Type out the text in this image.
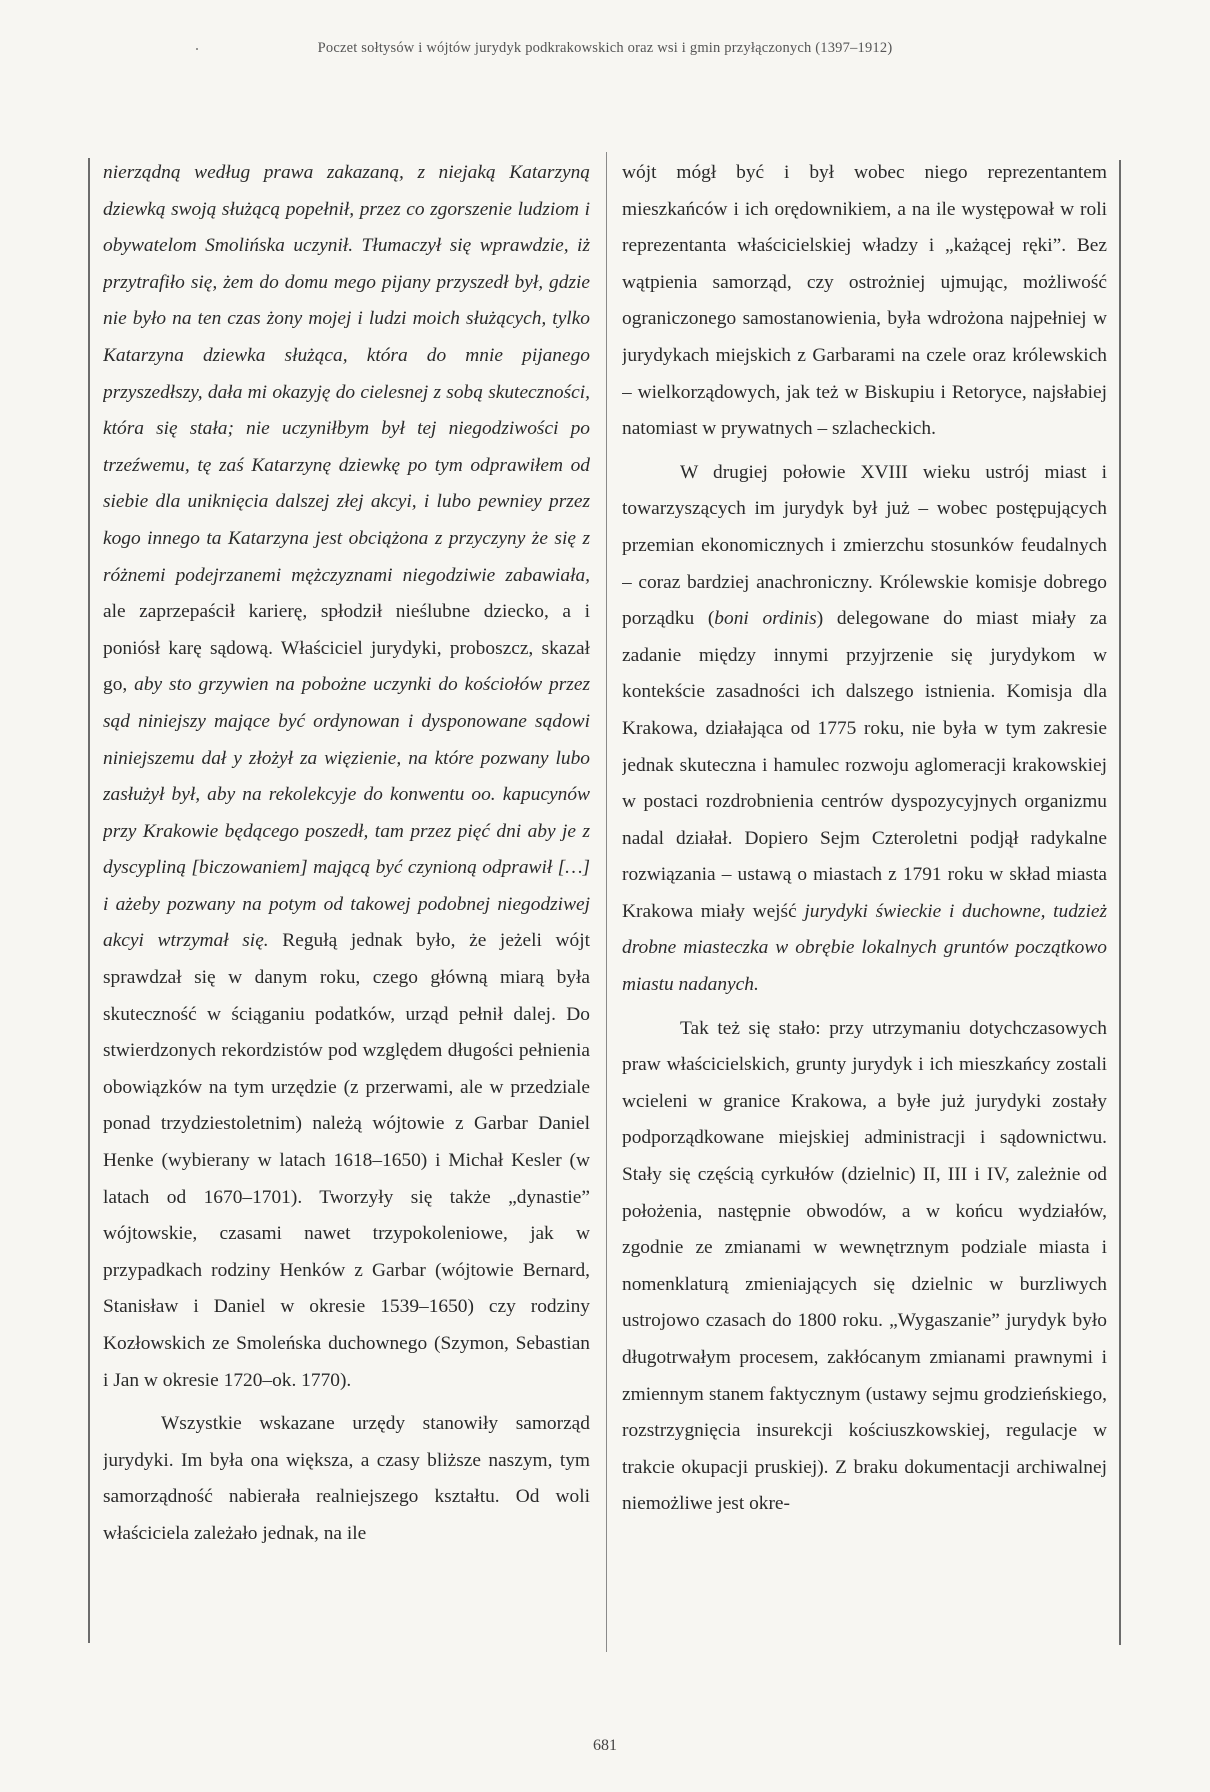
Poczet sołtysów i wójtów jurydyk podkrakowskich oraz wsi i gmin przyłączonych (1397–1912)

nierządną według prawa zakazaną, z niejaką Katarzyną dziewką swoją służącą popełnił, przez co zgorszenie ludziom i obywatelom Smolińska uczynił. Tłumaczył się wprawdzie, iż przytrafiło się, żem do domu mego pijany przyszedł był, gdzie nie było na ten czas żony mojej i ludzi moich służących, tylko Katarzyna dziewka służąca, która do mnie pijanego przyszedłszy, dała mi okazyję do cielesnej z sobą skuteczności, która się stała; nie uczyniłbym był tej niegodziwości po trzeźwemu, tę zaś Katarzynę dziewkę po tym odprawiłem od siebie dla uniknięcia dalszej złej akcyi, i lubo pewniey przez kogo innego ta Katarzyna jest obciążona z przyczyny że się z różnemi podejrzanemi mężczyznami niegodziwie zabawiała, ale zaprzepaścił karierę, spłodził nieślubne dziecko, a i poniósł karę sądową. Właściciel jurydyki, proboszcz, skazał go, aby sto grzywien na pobożne uczynki do kościołów przez sąd niniejszy mające być ordynowan i dysponowane sądowi niniejszemu dał y złożył za więzienie, na które pozwany lubo zasłużył był, aby na rekolekcyje do konwentu oo. kapucynów przy Krakowie będącego poszedł, tam przez pięć dni aby je z dyscypliną [biczowaniem] mającą być czynioną odprawił […] i ażeby pozwany na potym od takowej podobnej niegodziwej akcyi wtrzymał się. Regułą jednak było, że jeżeli wójt sprawdzał się w danym roku, czego główną miarą była skuteczność w ściąganiu podatków, urząd pełnił dalej. Do stwierdzonych rekordzistów pod względem długości pełnienia obowiązków na tym urzędzie (z przerwami, ale w przedziale ponad trzydziestoletnim) należą wójtowie z Garbar Daniel Henke (wybierany w latach 1618–1650) i Michał Kesler (w latach od 1670–1701). Tworzyły się także „dynastie” wójtowskie, czasami nawet trzypokoleniowe, jak w przypadkach rodziny Henków z Garbar (wójtowie Bernard, Stanisław i Daniel w okresie 1539–1650) czy rodziny Kozłowskich ze Smoleńska duchownego (Szymon, Sebastian i Jan w okresie 1720–ok. 1770).

Wszystkie wskazane urzędy stanowiły samorząd jurydyki. Im była ona większa, a czasy bliższe naszym, tym samorządność nabierała realniejszego kształtu. Od woli właściciela zależało jednak, na ile

wójt mógł być i był wobec niego reprezentantem mieszkańców i ich orędownikiem, a na ile występował w roli reprezentanta właścicielskiej władzy i „każącej ręki”. Bez wątpienia samorząd, czy ostrożniej ujmując, możliwość ograniczonego samostanowienia, była wdrożona najpełniej w jurydykach miejskich z Garbarami na czele oraz królewskich – wielkorządowych, jak też w Biskupiu i Retoryce, najsłabiej natomiast w prywatnych – szlacheckich.

W drugiej połowie XVIII wieku ustrój miast i towarzyszących im jurydyk był już – wobec postępujących przemian ekonomicznych i zmierzchu stosunków feudalnych – coraz bardziej anachroniczny. Królewskie komisje dobrego porządku (boni ordinis) delegowane do miast miały za zadanie między innymi przyjrzenie się jurydykom w kontekście zasadności ich dalszego istnienia. Komisja dla Krakowa, działająca od 1775 roku, nie była w tym zakresie jednak skuteczna i hamulec rozwoju aglomeracji krakowskiej w postaci rozdrobnienia centrów dyspozycyjnych organizmu nadal działał. Dopiero Sejm Czteroletni podjął radykalne rozwiązania – ustawą o miastach z 1791 roku w skład miasta Krakowa miały wejść jurydyki świeckie i duchowne, tudzież drobne miasteczka w obrębie lokalnych gruntów początkowo miastu nadanych.

Tak też się stało: przy utrzymaniu dotychczasowych praw właścicielskich, grunty jurydyk i ich mieszkańcy zostali wcieleni w granice Krakowa, a byłe już jurydyki zostały podporządkowane miejskiej administracji i sądownictwu. Stały się częścią cyrkułów (dzielnic) II, III i IV, zależnie od położenia, następnie obwodów, a w końcu wydziałów, zgodnie ze zmianami w wewnętrznym podziale miasta i nomenklaturą zmieniających się dzielnic w burzliwych ustrojowo czasach do 1800 roku. „Wygaszanie” jurydyk było długotrwałym procesem, zakłócanym zmianami prawnymi i zmiennym stanem faktycznym (ustawy sejmu grodzieńskiego, rozstrzygnięcia insurekcji kościuszkowskiej, regulacje w trakcie okupacji pruskiej). Z braku dokumentacji archiwalnej niemożliwe jest okre-

681
